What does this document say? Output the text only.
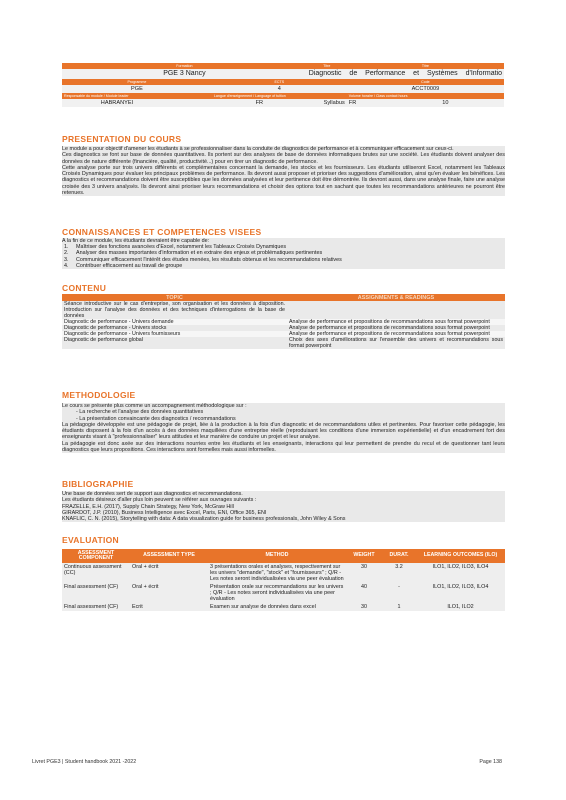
Formation			Titre	Titre	
PGE 3 Nancy			Diagnostic de Performance et Systèmes d'Informatio		
Programme		ECTS		Code	
PGE		4		ACCT0009	
Responsable du module / Module leader		Langue d'enseignement / Language of tuition		Volume horaire / Class contact hours	
HABRANYEI		FR	Syllabus	FR	10
PRESENTATION DU COURS

Le module a pour objectif d'amener les étudiants à se professionnaliser dans la conduite de diagnostics de performance et à communiquer efficacement sur ceux-ci.

Ces diagnostics se font sur base de données quantitatives. Ils portent sur des analyses de base de données informatiques brutes sur une société. Les étudiants doivent analyser des données de nature différente (financière, qualité, productivité...) pour en tirer un diagnostic de performance.

Cette analyse porte sur trois univers différents et complémentaires concernant la demande, les stocks et les fournisseurs. Les étudiants utiliseront Excel, notamment les Tableaux Croisés Dynamiques pour évaluer les principaux problèmes de performance. Ils devront aussi proposer et prioriser des suggestions d'amélioration, ainsi qu'en évaluer les bénéfices. Les diagnostics et recommandations doivent être susceptibles que les données analysées et leur pertinence doit être démontrée. Ils devront aussi, dans une analyse finale, faire une analyse croisée des 3 univers analysés. Ils devront ainsi prioriser leurs recommandations et choisir des options tout en sachant que toutes les recommandations antérieures ne pourront être retenues.

CONNAISSANCES ET COMPETENCES VISEES
A la fin de ce module, les étudiants devraient être capable de:
1.	Maîtriser des fonctions avancées d'Excel, notamment les Tableaux Croisés Dynamiques
2.	Analyser des masses importantes d'information et en extraire des enjeux et problématiques pertinentes
3.	Communiquer efficacement l'intérêt des études menées, les résultats obtenus et les recommandations relatives
4.	Contribuer efficacement au travail de groupe
CONTENU
TOPIC	ASSIGNMENTS & READINGS
Séance introductive sur le cas d'entreprise, son organisation et les données à disposition. Introduction sur l'analyse des données et des techniques d'interrogations de la base de données	
Diagnostic de performance - Univers demande	Analyse de performance et propositions de recommandations sous format powerpoint
Diagnostic de performance - Univers stocks	Analyse de performance et propositions de recommandations sous format powerpoint
Diagnostic de performance - Univers fournisseurs	Analyse de performance et propositions de recommandations sous format powerpoint
Diagnostic de performance global	Choix des axes d'améliorations sur l'ensemble des univers et recommandations sous format powerpoint
METHODOLOGIE

Le cours se présente plus comme un accompagnement méthodologique sur :

- La recherche et l'analyse des données quantitatives

- La présentation convaincante des diagnostics / recommandations

La pédagogie développée est une pédagogie de projet, liée à la production à la fois d'un diagnostic et de recommandations utiles et pertinentes. Pour favoriser cette pédagogie, les étudiants disposent à la fois d'un accès à des données maquillées d'une entreprise réelle (reproduisant les conditions d'une immersion expérientielle) et d'un encadrement fort des enseignants visant à "professionnaliser" leurs attitudes et leur manière de conduire un projet et leur analyse.

La pédagogie est donc axée sur des interactions nourries entre les étudiants et les enseignants, interactions qui leur permettent de prendre du recul et de questionner tant leurs diagnostics que leurs propositions. Ces interactions sont formelles mais aussi informelles.

BIBLIOGRAPHIE

Une base de données sert de support aux diagnostics et recommandations.

Les étudiants désireux d'aller plus loin peuvent se référer aux ouvrages suivants :

FRAZELLE, E.H. (2017), Supply Chain Strategy, New York, McGraw Hill

GIRARDOT, J.P. (2010), Business Intelligence avec Excel, Paris, ENI, Office 365, ENI

KNAFLIC, C. N. (2015), Storytelling with data: A data visualization guide for business professionals, John Wiley & Sons

EVALUATION
ASSESSMENT COMPONENT	ASSESSMENT TYPE	METHOD	WEIGHT	DURAT.	LEARNING OUTCOMES (ILO)
Continuous assessment (CC)	Oral + écrit	3 présentations orales et analyses, respectivement sur les univers "demande", "stock" et "fournisseurs" ; Q/R - Les notes seront individualisées via une peer évaluation	30	3.2	ILO1, ILO2, ILO3, ILO4
Final assessment (CF)	Oral + écrit	Présentation orale sur recommandations sur les univers ; Q/R - Les notes seront individualisées via une peer évaluation	40	-	ILO1, ILO2, ILO3, ILO4
Final assessment (CF)	Ecrit	Examen sur analyse de données dans excel	30	1	ILO1, ILO2
Livret PGE3 | Student handbook 2021 -2022	Page 138
